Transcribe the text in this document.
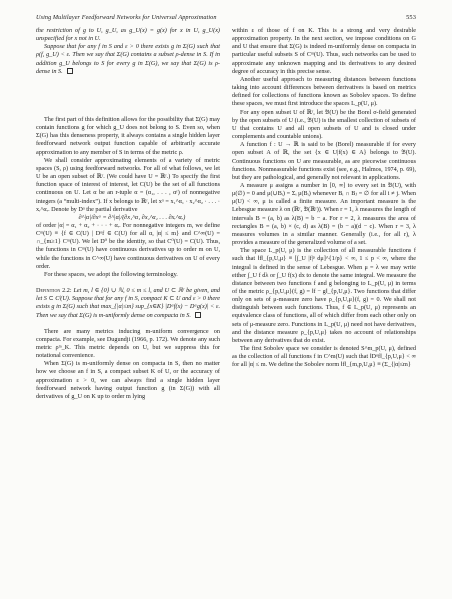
Using Multilayer Feedforward Networks for Universal Approximation	553

the restriction of g to U, g_U, as g_U(x) = g(x) for x in U, g_U(x) unspecified for x not in U.

Suppose that for any f in S and ε > 0 there exists g in Σ(G) such that ρ(f, g_U) < ε. Then we say that Σ(G) contains a subset ρ-dense in S. If in addition g_U belongs to S for every g in Σ(G), we say that Σ(G) is ρ-dense in S.

The first part of this definition allows for the possibility that Σ(G) may contain functions g for which g_U does not belong to S. Even so, when Σ(G) has this denseness property, it always contains a single hidden layer feedforward network output function capable of arbitrarily accurate approximation to any member of S in terms of the metric ρ.

We shall consider approximating elements of a variety of metric spaces (S, ρ) using feedforward networks. For all of what follows, we let U be an open subset of ℝʳ. (We could have U = ℝʳ.) To specify the first function space of interest of interest, let C(U) be the set of all functions continuous on U. Let α be an r-tuple α = (α₁, . . . , αʳ) of nonnegative integers (a “multi-index”). If x belongs to ℝʳ, let xᵅ = x₁^α₁ · x₂^α₂ · . . . · xᵣ^αᵣ. Denote by Dᵅ the partial derivative

∂^|α|/∂xᵅ = ∂^|α|/(∂x₁^α₁ ∂x₂^α₂ . . . ∂xᵣ^αᵣ)

of order |α| = α₁ + α₂ + · · · + αᵣ. For nonnegative integers m, we define Cᵐ(U) ≡ {f ∈ C(U) | Dᵅf ∈ C(U) for all α, |α| ≤ m} and C^∞(U) = ∩_{m≥1} Cᵐ(U). We let D⁰ be the identity, so that C⁰(U) = C(U). Thus, the functions in Cᵐ(U) have continuous derivatives up to order m on U, while the functions in C^∞(U) have continuous derivatives on U of every order.

For these spaces, we adopt the following terminology.

Definition 2.2: Let m, l ∈ {0} ∪ ℕ, 0 ≤ m ≤ l, and U ⊂ ℝʳ be given, and let S ⊂ Cˡ(U). Suppose that for any f in S, compact K ⊂ U and ε > 0 there exists g in Σ(G) such that max_{|α|≤m} sup_{x∈K} |Dᵅf(x) − Dᵅg(x)| < ε. Then we say that Σ(G) is m-uniformly dense on compacta in S.

There are many metrics inducing m-uniform convergence on compacta. For example, see Dugundji (1966, p. 172). We denote any such metric ρᵐ_K. This metric depends on U, but we suppress this for notational convenience.

When Σ(G) is m-uniformly dense on compacta in S, then no matter how we choose an f in S, a compact subset K of U, or the accuracy of approximation ε > 0, we can always find a single hidden layer feedforward network having output function g (in Σ(G)) with all derivatives of g_U on K up to order m lying

within ε of those of f on K. This is a strong and very desirable approximation property. In the next section, we impose conditions on G and U that ensure that Σ(G) is indeed m-uniformly dense on compacta in particular useful subsets S of Cᵐ(U). Thus, such networks can be used to approximate any unknown mapping and its derivatives to any desired degree of accuracy in this precise sense.

Another useful approach to measuring distances between functions taking into account differences between derivatives is based on metrics defined for collections of functions known as Sobolev spaces. To define these spaces, we must first introduce the spaces L_p(U, μ).

For any open subset U of ℝʳ, let 𝔅(U) be the Borel σ-field generated by the open subsets of U (i.e., 𝔅(U) is the smallest collection of subsets of U that contains U and all open subsets of U and is closed under complements and countable unions).

A function f : U → ℝ is said to be (Borel) measurable if for every open subset A of ℝ, the set {x ∈ U|f(x) ∈ A} belongs to 𝔅(U). Continuous functions on U are measurable, as are piecewise continuous functions. Nonmeasurable functions exist (see, e.g., Halmos, 1974, p. 69), but they are pathological, and generally not relevant in applications.

A measure μ assigns a number in [0, ∞] to every set in 𝔅(U), with μ(∅) = 0 and μ(∪Bᵢ) = Σᵢ μ(Bᵢ) whenever Bᵢ ∩ Bⱼ = ∅ for all i ≠ j. When μ(U) < ∞, μ is called a finite measure. An important measure is the Lebesgue measure λ on (ℝʳ, 𝔅(ℝʳ)). When r = 1, λ measures the length of intervals B = (a, b) as λ(B) = b − a. For r = 2, λ measures the area of rectangles B = (a, b) × (c, d) as λ(B) = (b − a)(d − c). When r = 3, λ measures volumes in a similar manner. Generally (i.e., for all r), λ provides a measure of the generalized volume of a set.

The space L_p(U, μ) is the collection of all measurable functions f such that ‖f‖_{p,U,μ} ≡ [∫_U |f|ᵖ dμ]^{1/p} < ∞, 1 ≤ p < ∞, where the integral is defined in the sense of Lebesgue. When μ = λ we may write either ∫_U f dλ or ∫_U f(x) dx to denote the same integral. We measure the distance between two functions f and g belonging to L_p(U, μ) in terms of the metric ρ_{p,U,μ}(f, g) = ‖f − g‖_{p,U,μ}. Two functions that differ only on sets of μ-measure zero have ρ_{p,U,μ}(f, g) = 0. We shall not distinguish between such functions. Thus, f ∈ L_p(U, μ) represents an equivalence class of functions, all of which differ from each other only on sets of μ-measure zero. Functions in L_p(U, μ) need not have derivatives, and the distance measure ρ_{p,U,μ} takes no account of relationships between any derivatives that do exist.

The first Sobolev space we consider is denoted S^m_p(U, μ), defined as the collection of all functions f in C^m(U) such that ‖Dᵅf‖_{p,U,μ} < ∞ for all |α| ≤ m. We define the Sobolev norm ‖f‖_{m,p,U,μ} ≡ (Σ_{|α|≤m}
